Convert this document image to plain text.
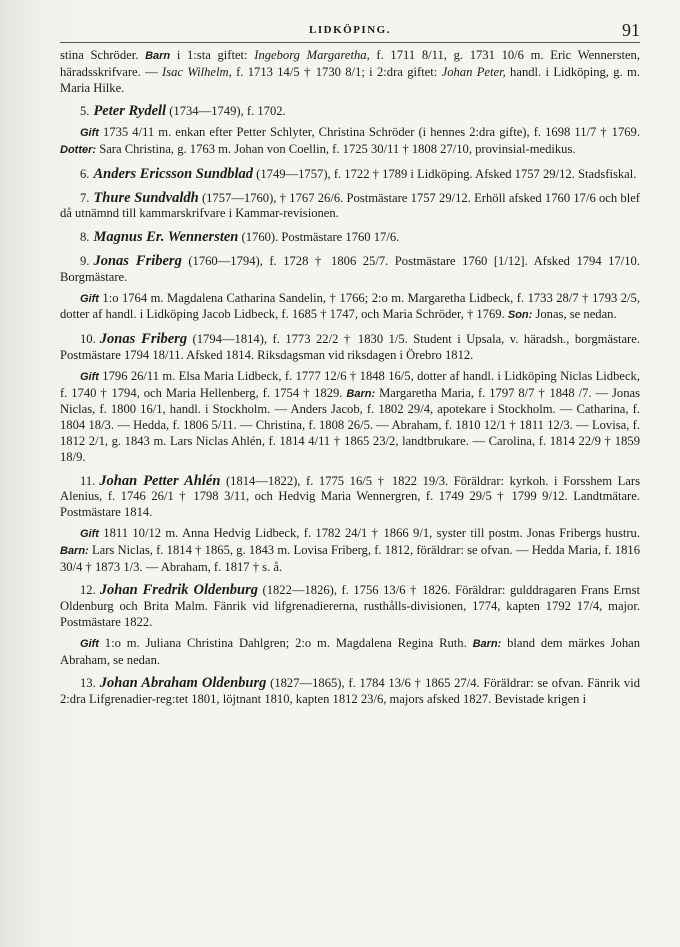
LIDKÖPING.	91

stina Schröder. Barn i 1:sta giftet: Ingeborg Margaretha, f. 1711 8/11, g. 1731 10/6 m. Eric Wennersten, häradsskrifvare. — Isac Wilhelm, f. 1713 14/5 † 1730 8/1; i 2:dra giftet: Johan Peter, handl. i Lidköping, g. m. Maria Hilke.

5. Peter Rydell (1734—1749), f. 1702.

Gift 1735 4/11 m. enkan efter Petter Schlyter, Christina Schröder (i hennes 2:dra gifte), f. 1698 11/7 † 1769. Dotter: Sara Christina, g. 1763 m. Johan von Coellin, f. 1725 30/11 † 1808 27/10, provinsial-medikus.

6. Anders Ericsson Sundblad (1749—1757), f. 1722 † 1789 i Lidköping. Afsked 1757 29/12. Stadsfiskal.

7. Thure Sundvaldh (1757—1760), † 1767 26/6. Postmästare 1757 29/12. Erhöll afsked 1760 17/6 och blef då utnämnd till kammarskrifvare i Kammar-revisionen.

8. Magnus Er. Wennersten (1760). Postmästare 1760 17/6.

9. Jonas Friberg (1760—1794), f. 1728 † 1806 25/7. Postmästare 1760 [1/12]. Afsked 1794 17/10. Borgmästare.

Gift 1:o 1764 m. Magdalena Catharina Sandelin, † 1766; 2:o m. Margaretha Lidbeck, f. 1733 28/7 † 1793 2/5, dotter af handl. i Lidköping Jacob Lidbeck, f. 1685 † 1747, och Maria Schröder, † 1769. Son: Jonas, se nedan.

10. Jonas Friberg (1794—1814), f. 1773 22/2 † 1830 1/5. Student i Upsala, v. häradsh., borgmästare. Postmästare 1794 18/11. Afsked 1814. Riksdagsman vid riksdagen i Örebro 1812.

Gift 1796 26/11 m. Elsa Maria Lidbeck, f. 1777 12/6 † 1848 16/5, dotter af handl. i Lidköping Niclas Lidbeck, f. 1740 † 1794, och Maria Hellenberg, f. 1754 † 1829. Barn: Margaretha Maria, f. 1797 8/7 † 1848 /7. — Jonas Niclas, f. 1800 16/1, handl. i Stockholm. — Anders Jacob, f. 1802 29/4, apotekare i Stockholm. — Catharina, f. 1804 18/3. — Hedda, f. 1806 5/11. — Christina, f. 1808 26/5. — Abraham, f. 1810 12/1 † 1811 12/3. — Lovisa, f. 1812 2/1, g. 1843 m. Lars Niclas Ahlén, f. 1814 4/11 † 1865 23/2, landtbrukare. — Carolina, f. 1814 22/9 † 1859 18/9.

11. Johan Petter Ahlén (1814—1822), f. 1775 16/5 † 1822 19/3. Föräldrar: kyrkoh. i Forsshem Lars Alenius, f. 1746 26/1 † 1798 3/11, och Hedvig Maria Wennergren, f. 1749 29/5 † 1799 9/12. Landtmätare. Postmästare 1814.

Gift 1811 10/12 m. Anna Hedvig Lidbeck, f. 1782 24/1 † 1866 9/1, syster till postm. Jonas Fribergs hustru. Barn: Lars Niclas, f. 1814 † 1865, g. 1843 m. Lovisa Friberg, f. 1812, föräldrar: se ofvan. — Hedda Maria, f. 1816 30/4 † 1873 1/3. — Abraham, f. 1817 † s. å.

12. Johan Fredrik Oldenburg (1822—1826), f. 1756 13/6 † 1826. Föräldrar: gulddragaren Frans Ernst Oldenburg och Brita Malm. Fänrik vid lifgrenadiererna, rusthålls-divisionen, 1774, kapten 1792 17/4, major. Postmästare 1822.

Gift 1:o m. Juliana Christina Dahlgren; 2:o m. Magdalena Regina Ruth. Barn: bland dem märkes Johan Abraham, se nedan.

13. Johan Abraham Oldenburg (1827—1865), f. 1784 13/6 † 1865 27/4. Föräldrar: se ofvan. Fänrik vid 2:dra Lifgrenadier-reg:tet 1801, löjtnant 1810, kapten 1812 23/6, majors afsked 1827. Bevistade krigen i
